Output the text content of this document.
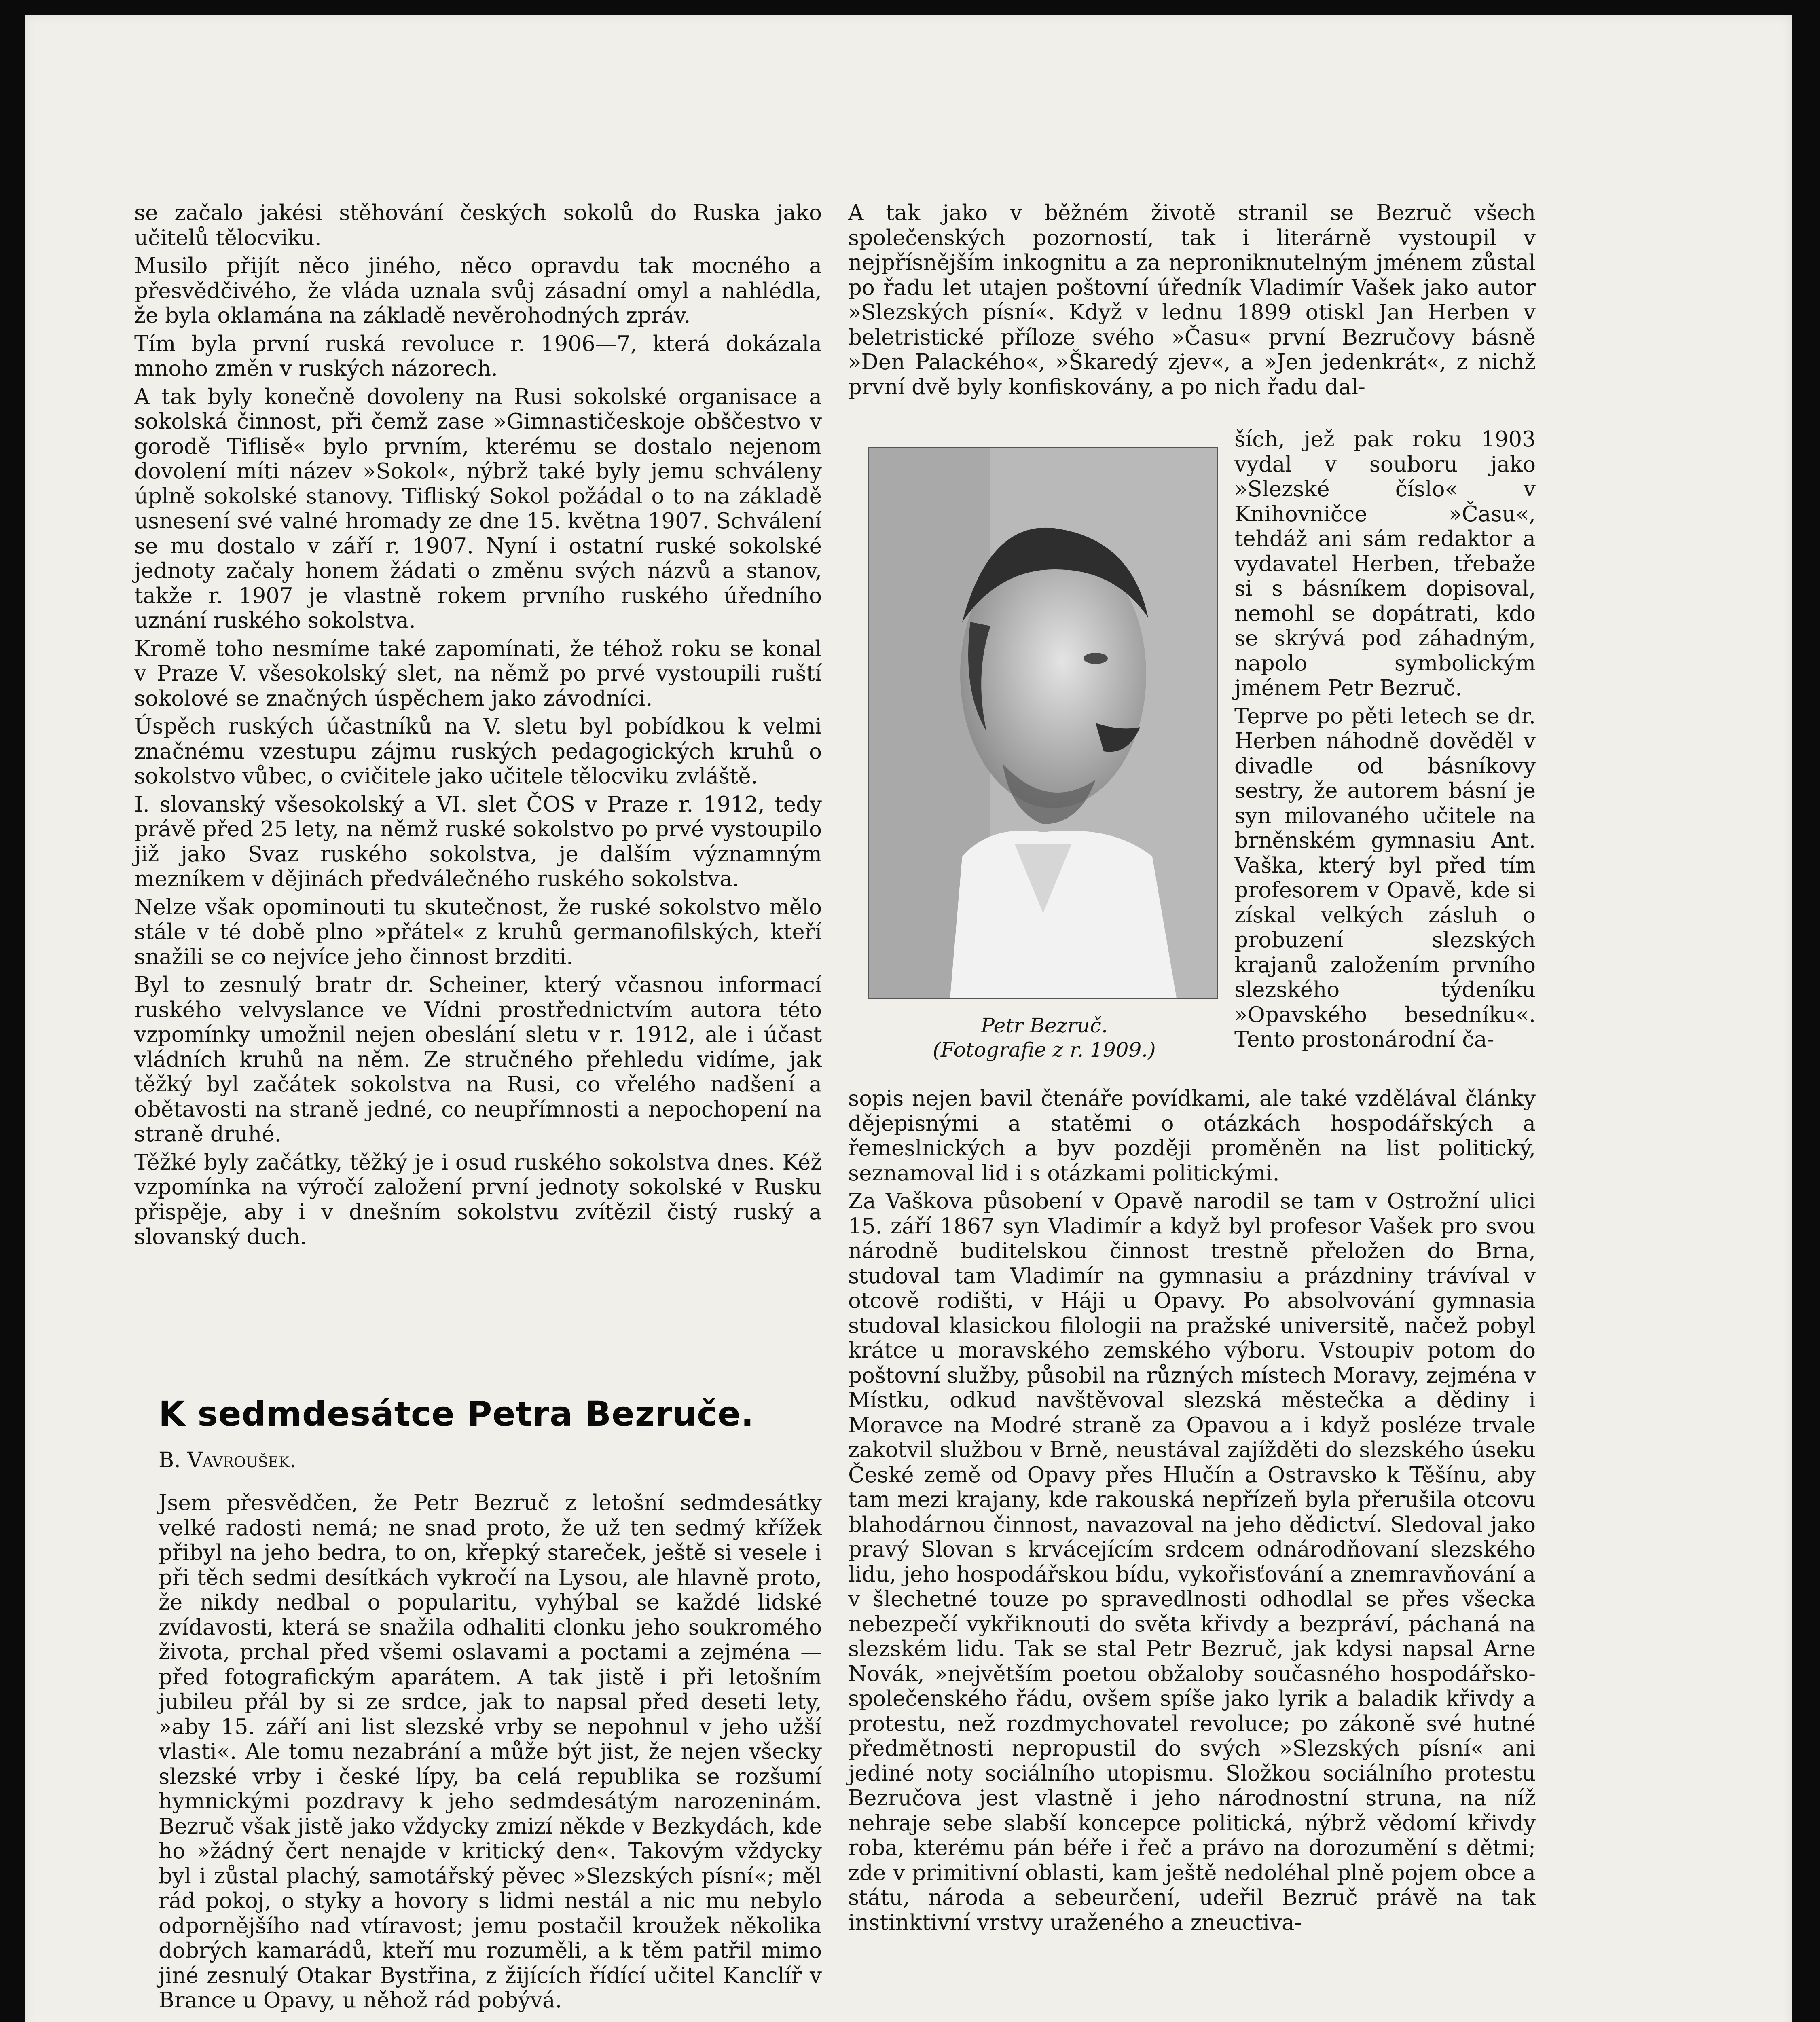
se začalo jakési stěhování českých sokolů do Ruska jako učitelů tělocviku.

Musilo přijít něco jiného, něco opravdu tak mocného a přesvědčivého, že vláda uznala svůj zásadní omyl a nahlédla, že byla oklamána na základě nevěrohodných zpráv.

Tím byla první ruská revoluce r. 1906—7, která dokázala mnoho změn v ruských názorech.

A tak byly konečně dovoleny na Rusi sokolské organisace a sokolská činnost, při čemž zase »Gimnastičeskoje obščestvo v gorodě Tiflisě« bylo prvním, kterému se dostalo nejenom dovolení míti název »Sokol«, nýbrž také byly jemu schváleny úplně sokolské stanovy. Tifliský Sokol požádal o to na základě usnesení své valné hromady ze dne 15. května 1907. Schválení se mu dostalo v září r. 1907. Nyní i ostatní ruské sokolské jednoty začaly honem žádati o změnu svých názvů a stanov, takže r. 1907 je vlastně rokem prvního ruského úředního uznání ruského sokolstva.

Kromě toho nesmíme také zapomínati, že téhož roku se konal v Praze V. všesokolský slet, na němž po prvé vystoupili ruští sokolové se značných úspěchem jako závodníci.

Úspěch ruských účastníků na V. sletu byl pobídkou k velmi značnému vzestupu zájmu ruských pedagogických kruhů o sokolstvo vůbec, o cvičitele jako učitele tělocviku zvláště.

I. slovanský všesokolský a VI. slet ČOS v Praze r. 1912, tedy právě před 25 lety, na němž ruské sokolstvo po prvé vystoupilo již jako Svaz ruského sokolstva, je dalším významným mezníkem v dějinách předválečného ruského sokolstva.

Nelze však opominouti tu skutečnost, že ruské sokolstvo mělo stále v té době plno »přátel« z kruhů germanofilských, kteří snažili se co nejvíce jeho činnost brzditi.

Byl to zesnulý bratr dr. Scheiner, který včasnou informací ruského velvyslance ve Vídni prostřednictvím autora této vzpomínky umožnil nejen obeslání sletu v r. 1912, ale i účast vládních kruhů na něm. Ze stručného přehledu vidíme, jak těžký byl začátek sokolstva na Rusi, co vřelého nadšení a obětavosti na straně jedné, co neupřímnosti a nepochopení na straně druhé.

Těžké byly začátky, těžký je i osud ruského sokolstva dnes. Kéž vzpomínka na výročí založení první jednoty sokolské v Rusku přispěje, aby i v dnešním sokolstvu zvítězil čistý ruský a slovanský duch.

K sedmdesátce Petra Bezruče.
B. Vavroušek.

Jsem přesvědčen, že Petr Bezruč z letošní sedmdesátky velké radosti nemá; ne snad proto, že už ten sedmý křížek přibyl na jeho bedra, to on, křepký stareček, ještě si vesele i při těch sedmi desítkách vykročí na Lysou, ale hlavně proto, že nikdy nedbal o popularitu, vyhýbal se každé lidské zvídavosti, která se snažila odhaliti clonku jeho soukromého života, prchal před všemi oslavami a poctami a zejména — před fotografickým aparátem. A tak jistě i při letošním jubileu přál by si ze srdce, jak to napsal před deseti lety, »aby 15. září ani list slezské vrby se nepohnul v jeho užší vlasti«. Ale tomu nezabrání a může být jist, že nejen všecky slezské vrby i české lípy, ba celá republika se rozšumí hymnickými pozdravy k jeho sedmdesátým narozeninám. Bezruč však jistě jako vždycky zmizí někde v Bezkydách, kde ho »žádný čert nenajde v kritický den«. Takovým vždycky byl i zůstal plachý, samotářský pěvec »Slezských písní«; měl rád pokoj, o styky a hovory s lidmi nestál a nic mu nebylo odpornějšího nad vtíravost; jemu postačil kroužek několika dobrých kamarádů, kteří mu rozuměli, a k těm patřil mimo jiné zesnulý Otakar Bystřina, z žijících řídící učitel Kanclíř v Brance u Opavy, u něhož rád pobývá.

A tak jako v běžném životě stranil se Bezruč všech společenských pozorností, tak i literárně vystoupil v nejpřísnějším inkognitu a za neproniknutelným jménem zůstal po řadu let utajen poštovní úředník Vladimír Vašek jako autor »Slezských písní«. Když v lednu 1899 otiskl Jan Herben v beletristické příloze svého »Času« první Bezručovy básně »Den Palackého«, »Škaredý zjev«, a »Jen jedenkrát«, z nichž první dvě byly konfiskovány, a po nich řadu dal-

Petr Bezruč.
(Fotografie z r. 1909.)

ších, jež pak roku 1903 vydal v souboru jako »Slezské číslo« v Knihovničce »Času«, tehdáž ani sám redaktor a vydavatel Herben, třebaže si s básníkem dopisoval, nemohl se dopátrati, kdo se skrývá pod záhadným, napolo symbolickým jménem Petr Bezruč.

Teprve po pěti letech se dr. Herben náhodně dověděl v divadle od básníkovy sestry, že autorem básní je syn milovaného učitele na brněnském gymnasiu Ant. Vaška, který byl před tím profesorem v Opavě, kde si získal velkých zásluh o probuzení slezských krajanů založením prvního slezského týdeníku »Opavského besedníku«. Tento prostonárodní ča-

sopis nejen bavil čtenáře povídkami, ale také vzdělával články dějepisnými a statěmi o otázkách hospodářských a řemeslnických a byv později proměněn na list politický, seznamoval lid i s otázkami politickými.

Za Vaškova působení v Opavě narodil se tam v Ostrožní ulici 15. září 1867 syn Vladimír a když byl profesor Vašek pro svou národně buditelskou činnost trestně přeložen do Brna, studoval tam Vladimír na gymnasiu a prázdniny trávíval v otcově rodišti, v Háji u Opavy. Po absolvování gymnasia studoval klasickou filologii na pražské universitě, načež pobyl krátce u moravského zemského výboru. Vstoupiv potom do poštovní služby, působil na různých místech Moravy, zejména v Místku, odkud navštěvoval slezská městečka a dědiny i Moravce na Modré straně za Opavou a i když posléze trvale zakotvil službou v Brně, neustával zajížděti do slezského úseku České země od Opavy přes Hlučín a Ostravsko k Těšínu, aby tam mezi krajany, kde rakouská nepřízeň byla přerušila otcovu blahodárnou činnost, navazoval na jeho dědictví. Sledoval jako pravý Slovan s krvácejícím srdcem odnárodňovaní slezského lidu, jeho hospodářskou bídu, vykořisťování a znemravňování a v šlechetné touze po spravedlnosti odhodlal se přes všecka nebezpečí vykřiknouti do světa křivdy a bezpráví, páchaná na slezském lidu. Tak se stal Petr Bezruč, jak kdysi napsal Arne Novák, »největším poetou obžaloby současného hospodářsko-společenského řádu, ovšem spíše jako lyrik a baladik křivdy a protestu, než rozdmychovatel revoluce; po zákoně své hutné předmětnosti nepropustil do svých »Slezských písní« ani jediné noty sociálního utopismu. Složkou sociálního protestu Bezručova jest vlastně i jeho národnostní struna, na níž nehraje sebe slabší koncepce politická, nýbrž vědomí křivdy roba, kterému pán béře i řeč a právo na dorozumění s dětmi; zde v primitivní oblasti, kam ještě nedoléhal plně pojem obce a státu, národa a sebeurčení, udeřil Bezruč právě na tak instinktivní vrstvy uraženého a zneuctiva-
